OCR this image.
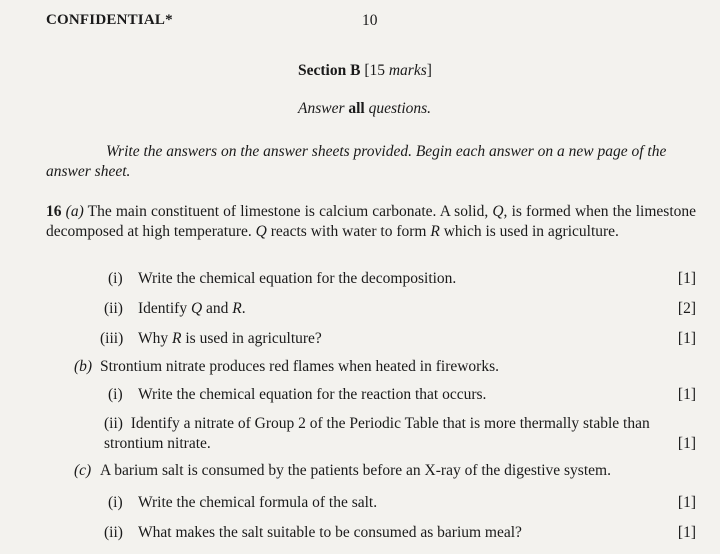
CONFIDENTIAL*	10
Section B [15 marks]
Answer all questions.
Write the answers on the answer sheets provided. Begin each answer on a new page of the answer sheet.
16 (a) The main constituent of limestone is calcium carbonate. A solid, Q, is formed when the limestone decomposed at high temperature. Q reacts with water to form R which is used in agriculture.
(i) Write the chemical equation for the decomposition.	[1]
(ii) Identify Q and R.	[2]
(iii) Why R is used in agriculture?	[1]
(b) Strontium nitrate produces red flames when heated in fireworks.
(i) Write the chemical equation for the reaction that occurs.	[1]
(ii) Identify a nitrate of Group 2 of the Periodic Table that is more thermally stable than strontium nitrate.	[1]
(c) A barium salt is consumed by the patients before an X-ray of the digestive system.
(i) Write the chemical formula of the salt.	[1]
(ii) What makes the salt suitable to be consumed as barium meal?	[1]
